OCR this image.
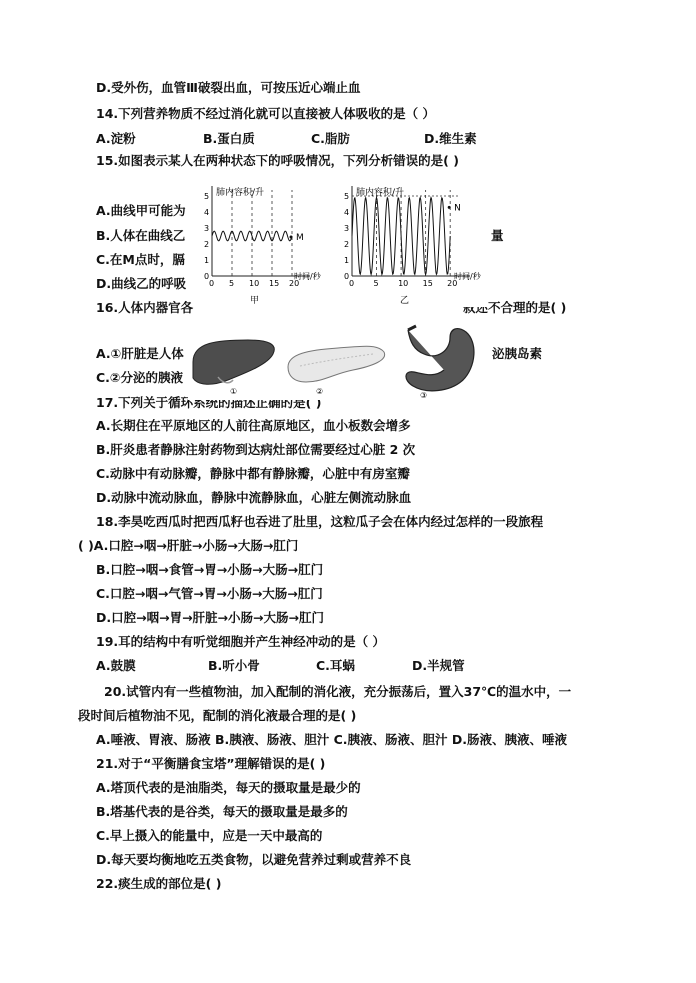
D.受外伤，血管Ⅲ破裂出血，可按压近心端止血
14.下列营养物质不经过消化就可以直接被人体吸收的是（ ）
15.如图表示某人在两种状态下的呼吸情况，下列分析错误的是( )
A.曲线甲可能为
B.人体在曲线乙	量
C.在M点时，膈
D.曲线乙的呼吸
16.人体内器官各	叙述不合理的是( )
A.①肝脏是人体	泌胰岛素
C.②分泌的胰液
17.下列关于循环系统的描述正确的是( )
A.长期住在平原地区的人前往高原地区，血小板数会增多
B.肝炎患者静脉注射药物到达病灶部位需要经过心脏 2 次
C.动脉中有动脉瓣，静脉中都有静脉瓣，心脏中有房室瓣
D.动脉中流动脉血，静脉中流静脉血，心脏左侧流动脉血
18.李昊吃西瓜时把西瓜籽也吞进了肚里，这粒瓜子会在体内经过怎样的一段旅程
( )A.口腔→咽→肝脏→小肠→大肠→肛门
B.口腔→咽→食管→胃→小肠→大肠→肛门
C.口腔→咽→气管→胃→小肠→大肠→肛门
D.口腔→咽→胃→肝脏→小肠→大肠→肛门
19.耳的结构中有听觉细胞并产生神经冲动的是（ ）
20.试管内有一些植物油，加入配制的消化液，充分振荡后，置入37℃的温水中，一
段时间后植物油不见，配制的消化液最合理的是( )
A.唾液、胃液、肠液 B.胰液、肠液、胆汁 C.胰液、肠液、胆汁 D.肠液、胰液、唾液
21.对于“平衡膳食宝塔”理解错误的是( )
A.塔顶代表的是油脂类，每天的摄取量是最少的
B.塔基代表的是谷类，每天的摄取量是最多的
C.早上摄入的能量中，应是一天中最高的
D.每天要均衡地吃五类食物，以避免营养过剩或营养不良
22.痰生成的部位是( )
A.淀粉	B.蛋白质	C.脂肪	D.维生素
A.鼓膜	B.听小骨	C.耳蜗	D.半规管
肺内容积/升
时间/秒
0
1
2
3
4
5
0 5 10 15 20
M
甲
肺内容积/升
时间/秒
0
1
2
3
4
5
0 5 10 15 20
N
乙
①	②	③
